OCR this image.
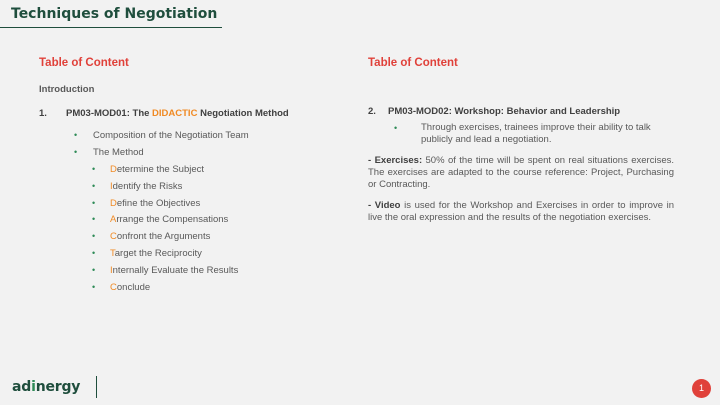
Techniques of Negotiation
Table of Content
Introduction
1.	PM03-MOD01: The DIDACTIC Negotiation Method
• Composition of the Negotiation Team
• The Method
• Determine the Subject
• Identify the Risks
• Define the Objectives
• Arrange the Compensations
• Confront the Arguments
• Target the Reciprocity
• Internally Evaluate the Results
• Conclude
Table of Content
2.	PM03-MOD02: Workshop: Behavior and Leadership
•	Through exercises, trainees improve their ability to talk publicly and lead a negotiation.
- Exercises: 50% of the time will be spent on real situations exercises. The exercises are adapted to the course reference: Project, Purchasing or Contracting.
- Video is used for the Workshop and Exercises in order to improve in live the oral expression and the results of the negotiation exercises.
adinergy	1
